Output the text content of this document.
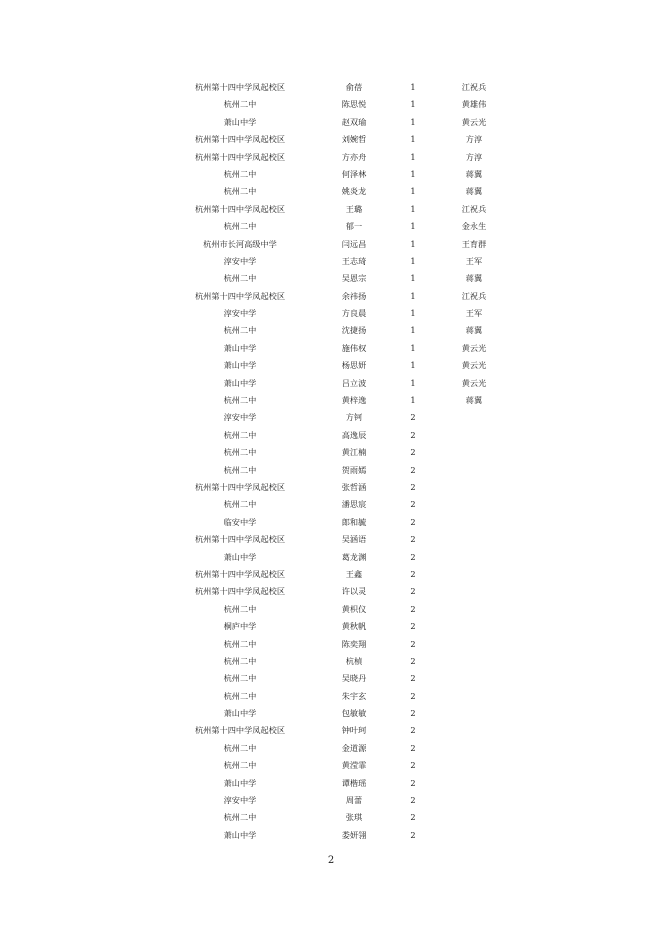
杭州第十四中学凤起校区	俞蓓	1	江祝兵
杭州二中	陈思悦	1	黄雄伟
萧山中学	赵双瑜	1	黄云光
杭州第十四中学凤起校区	刘婉哲	1	方淳
杭州第十四中学凤起校区	方亦舟	1	方淳
杭州二中	何泽林	1	蒋翼
杭州二中	姚炎龙	1	蒋翼
杭州第十四中学凤起校区	王璐	1	江祝兵
杭州二中	郁一	1	金永生
杭州市长河高级中学	闫远昌	1	王育群
淳安中学	王志琦	1	王军
杭州二中	吴恩宗	1	蒋翼
杭州第十四中学凤起校区	余祎扬	1	江祝兵
淳安中学	方良晨	1	王军
杭州二中	沈捷扬	1	蒋翼
萧山中学	施伟权	1	黄云光
萧山中学	杨思妍	1	黄云光
萧山中学	吕立波	1	黄云光
杭州二中	黄梓逸	1	蒋翼
淳安中学	方钶	2
杭州二中	高逸辰	2
杭州二中	黄江楠	2
杭州二中	贺雨嫣	2
杭州第十四中学凤起校区	张哲涵	2
杭州二中	潘思宸	2
临安中学	郎和毓	2
杭州第十四中学凤起校区	吴涵语	2
萧山中学	葛龙渊	2
杭州第十四中学凤起校区	王鑫	2
杭州第十四中学凤起校区	许以灵	2
杭州二中	黄枳仪	2
桐庐中学	黄秋帆	2
杭州二中	陈奕翔	2
杭州二中	杭楨	2
杭州二中	吴晓丹	2
杭州二中	朱宇玄	2
萧山中学	包敏敏	2
杭州第十四中学凤起校区	钟叶珂	2
杭州二中	金道源	2
杭州二中	黄滢霏	2
萧山中学	谭楷瑶	2
淳安中学	周蕾	2
杭州二中	张琪	2
萧山中学	娄妍翎	2
2
